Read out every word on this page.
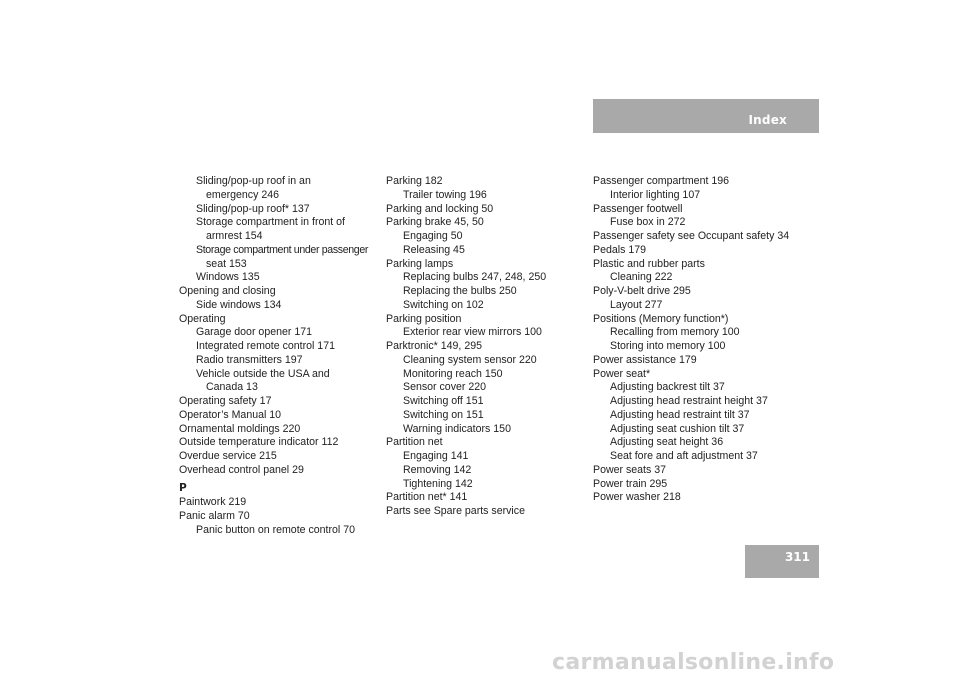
Index
Sliding/pop-up roof in an
emergency 246
Sliding/pop-up roof* 137
Storage compartment in front of
armrest 154
Storage compartment under passenger
seat 153
Windows 135
Opening and closing
Side windows 134
Operating
Garage door opener 171
Integrated remote control 171
Radio transmitters 197
Vehicle outside the USA and
Canada 13
Operating safety 17
Operator’s Manual 10
Ornamental moldings 220
Outside temperature indicator 112
Overdue service 215
Overhead control panel 29
P
Paintwork 219
Panic alarm 70
Panic button on remote control 70
Parking 182
Trailer towing 196
Parking and locking 50
Parking brake 45, 50
Engaging 50
Releasing 45
Parking lamps
Replacing bulbs 247, 248, 250
Replacing the bulbs 250
Switching on 102
Parking position
Exterior rear view mirrors 100
Parktronic* 149, 295
Cleaning system sensor 220
Monitoring reach 150
Sensor cover 220
Switching off 151
Switching on 151
Warning indicators 150
Partition net
Engaging 141
Removing 142
Tightening 142
Partition net* 141
Parts see Spare parts service
Passenger compartment 196
Interior lighting 107
Passenger footwell
Fuse box in 272
Passenger safety see Occupant safety 34
Pedals 179
Plastic and rubber parts
Cleaning 222
Poly-V-belt drive 295
Layout 277
Positions (Memory function*)
Recalling from memory 100
Storing into memory 100
Power assistance 179
Power seat*
Adjusting backrest tilt 37
Adjusting head restraint height 37
Adjusting head restraint tilt 37
Adjusting seat cushion tilt 37
Adjusting seat height 36
Seat fore and aft adjustment 37
Power seats 37
Power train 295
Power washer 218
311
carmanualsonline.info
